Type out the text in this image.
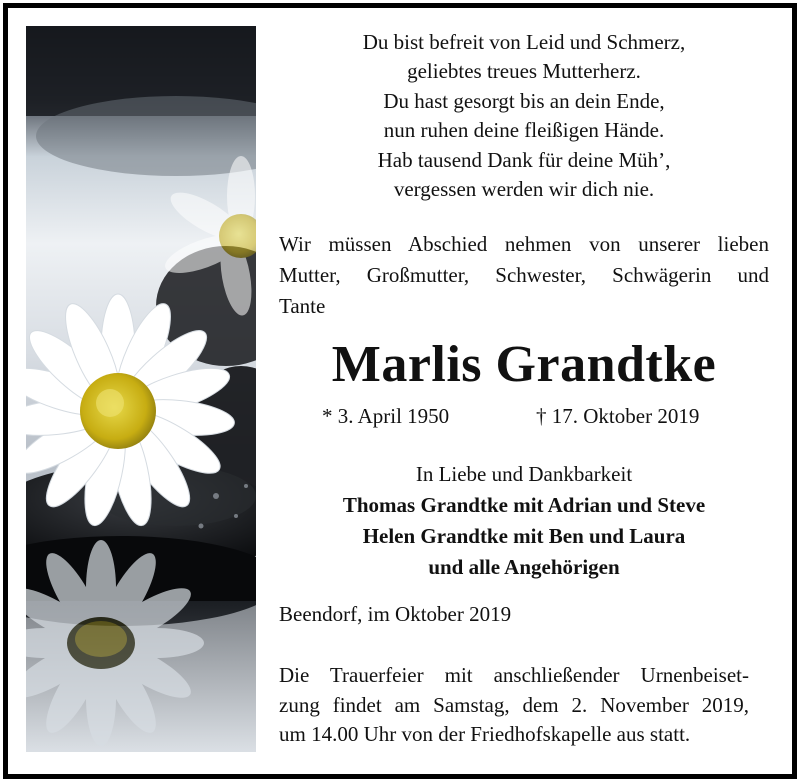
Du bist befreit von Leid und Schmerz,
geliebtes treues Mutterherz.
Du hast gesorgt bis an dein Ende,
nun ruhen deine fleißigen Hände.
Hab tausend Dank für deine Müh’,
vergessen werden wir dich nie.
Wir müssen Abschied nehmen von unserer lieben
Mutter, Großmutter, Schwester, Schwägerin und
Tante
Marlis Grandtke
* 3. April 1950	† 17. Oktober 2019
In Liebe und Dankbarkeit
Thomas Grandtke mit Adrian und Steve
Helen Grandtke mit Ben und Laura
und alle Angehörigen
Beendorf, im Oktober 2019
Die Trauerfeier mit anschließender Urnenbeiset-
zung findet am Samstag, dem 2. November 2019,
um 14.00 Uhr von der Friedhofskapelle aus statt.
